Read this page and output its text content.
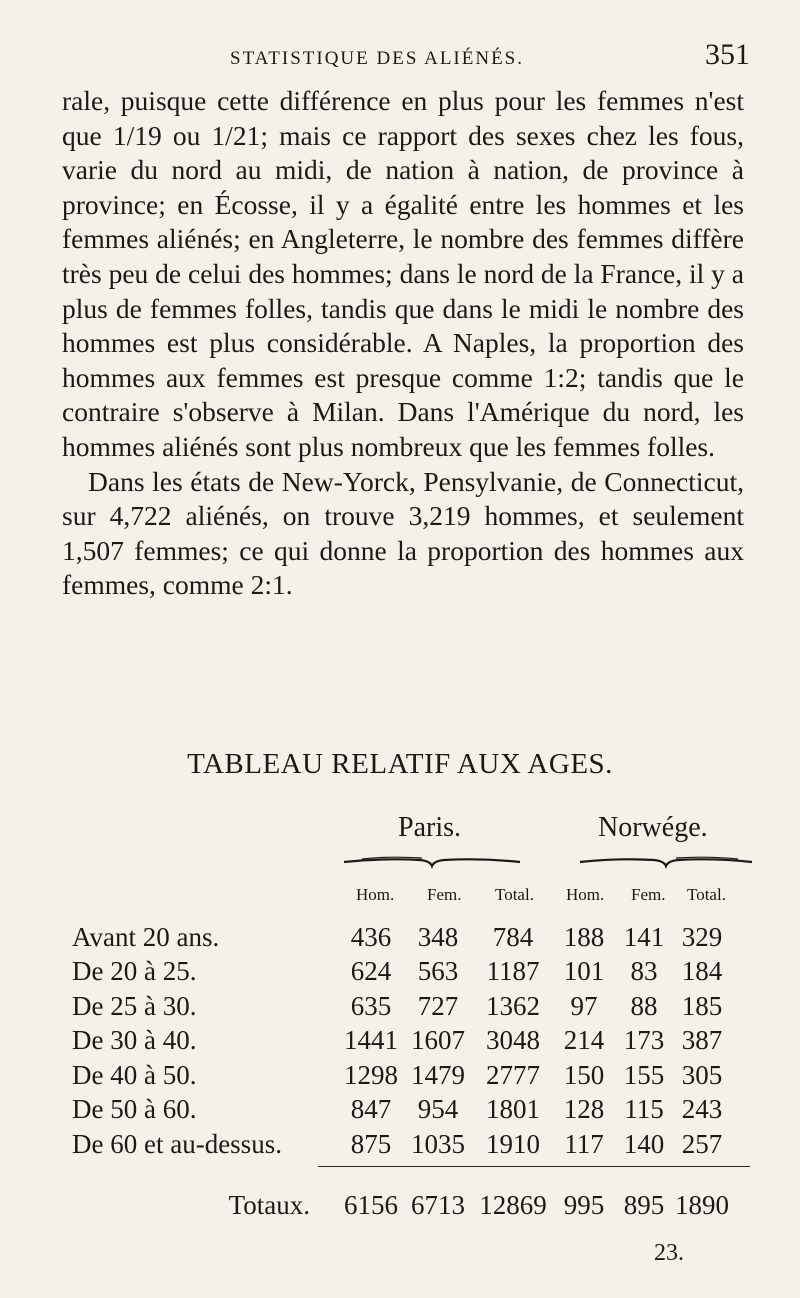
STATISTIQUE DES ALIÉNÉS.	351

rale, puisque cette différence en plus pour les femmes n'est que 1/19 ou 1/21; mais ce rapport des sexes chez les fous, varie du nord au midi, de nation à nation, de province à province; en Écosse, il y a égalité entre les hommes et les femmes aliénés; en Angleterre, le nombre des femmes diffère très peu de celui des hommes; dans le nord de la France, il y a plus de femmes folles, tandis que dans le midi le nombre des hommes est plus considérable. A Naples, la proportion des hommes aux femmes est presque comme 1:2; tandis que le contraire s'observe à Milan. Dans l'Amérique du nord, les hommes aliénés sont plus nombreux que les femmes folles.

Dans les états de New-Yorck, Pensylvanie, de Connecticut, sur 4,722 aliénés, on trouve 3,219 hommes, et seulement 1,507 femmes; ce qui donne la proportion des hommes aux femmes, comme 2:1.

TABLEAU RELATIF AUX AGES.
Paris.	Norwége.
Hom. Fem. Total. Hom. Fem. Total.
Avant 20 ans.	436	348	784	188	141	329
De 20 à 25.	624	563	1187	101	83	184
De 25 à 30.	635	727	1362	97	88	185
De 30 à 40.	1441	1607	3048	214	173	387
De 40 à 50.	1298	1479	2777	150	155	305
De 50 à 60.	847	954	1801	128	115	243
De 60 et au-dessus.	875	1035	1910	117	140	257
Totaux.	6156	6713	12869	995	895	1890
23.
